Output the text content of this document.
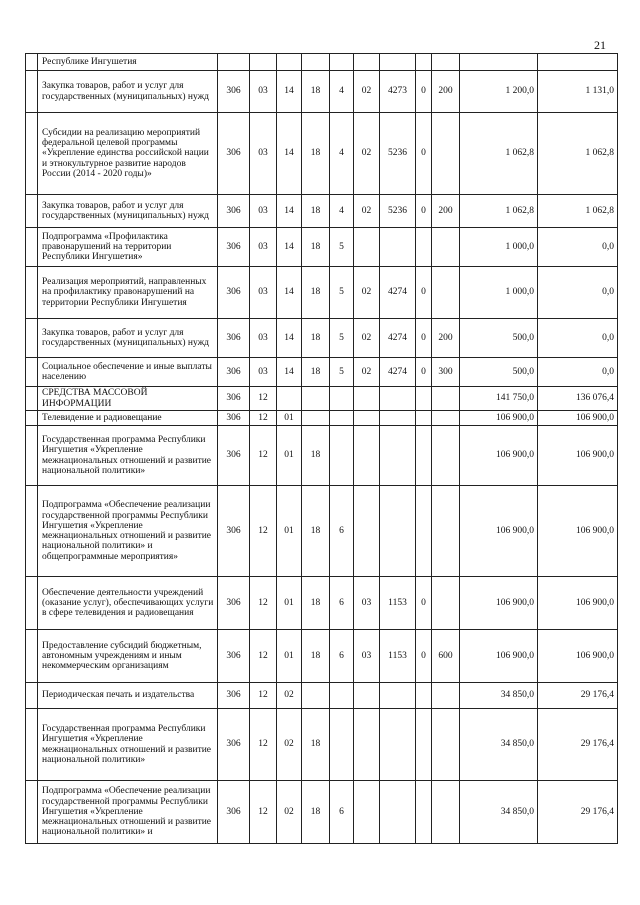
21
	Республике Ингушетия											
	Закупка товаров, работ и услуг для государственных (муниципальных) нужд	306	03	14	18	4	02	4273	0	200	1 200,0	1 131,0
	Субсидии на реализацию мероприятий федеральной целевой программы «Укрепление единства российской нации и этнокультурное развитие народов России (2014 - 2020 годы)»	306	03	14	18	4	02	5236	0		1 062,8	1 062,8
	Закупка товаров, работ и услуг для государственных (муниципальных) нужд	306	03	14	18	4	02	5236	0	200	1 062,8	1 062,8
	Подпрограмма «Профилактика правонарушений на территории Республики Ингушетия»	306	03	14	18	5					1 000,0	0,0
	Реализация мероприятий, направленных на профилактику правонарушений на территории Республики Ингушетия	306	03	14	18	5	02	4274	0		1 000,0	0,0
	Закупка товаров, работ и услуг для государственных (муниципальных) нужд	306	03	14	18	5	02	4274	0	200	500,0	0,0
	Социальное обеспечение и иные выплаты населению	306	03	14	18	5	02	4274	0	300	500,0	0,0
	СРЕДСТВА МАССОВОЙ ИНФОРМАЦИИ	306	12								141 750,0	136 076,4
	Телевидение и радиовещание	306	12	01							106 900,0	106 900,0
	Государственная программа Республики Ингушетия «Укрепление межнациональных отношений и развитие национальной политики»	306	12	01	18						106 900,0	106 900,0
	Подпрограмма «Обеспечение реализации государственной программы Республики Ингушетия «Укрепление межнациональных отношений и развитие национальной политики» и общепрограммные мероприятия»	306	12	01	18	6					106 900,0	106 900,0
	Обеспечение деятельности учреждений (оказание услуг), обеспечивающих услуги в сфере телевидения и радиовещания	306	12	01	18	6	03	1153	0		106 900,0	106 900,0
	Предоставление субсидий бюджетным, автономным учреждениям и иным некоммерческим организациям	306	12	01	18	6	03	1153	0	600	106 900,0	106 900,0
	Периодическая печать и издательства	306	12	02							34 850,0	29 176,4
	Государственная программа Республики Ингушетия «Укрепление межнациональных отношений и развитие национальной политики»	306	12	02	18						34 850,0	29 176,4
	Подпрограмма «Обеспечение реализации государственной программы Республики Ингушетия «Укрепление межнациональных отношений и развитие национальной политики» и	306	12	02	18	6					34 850,0	29 176,4
